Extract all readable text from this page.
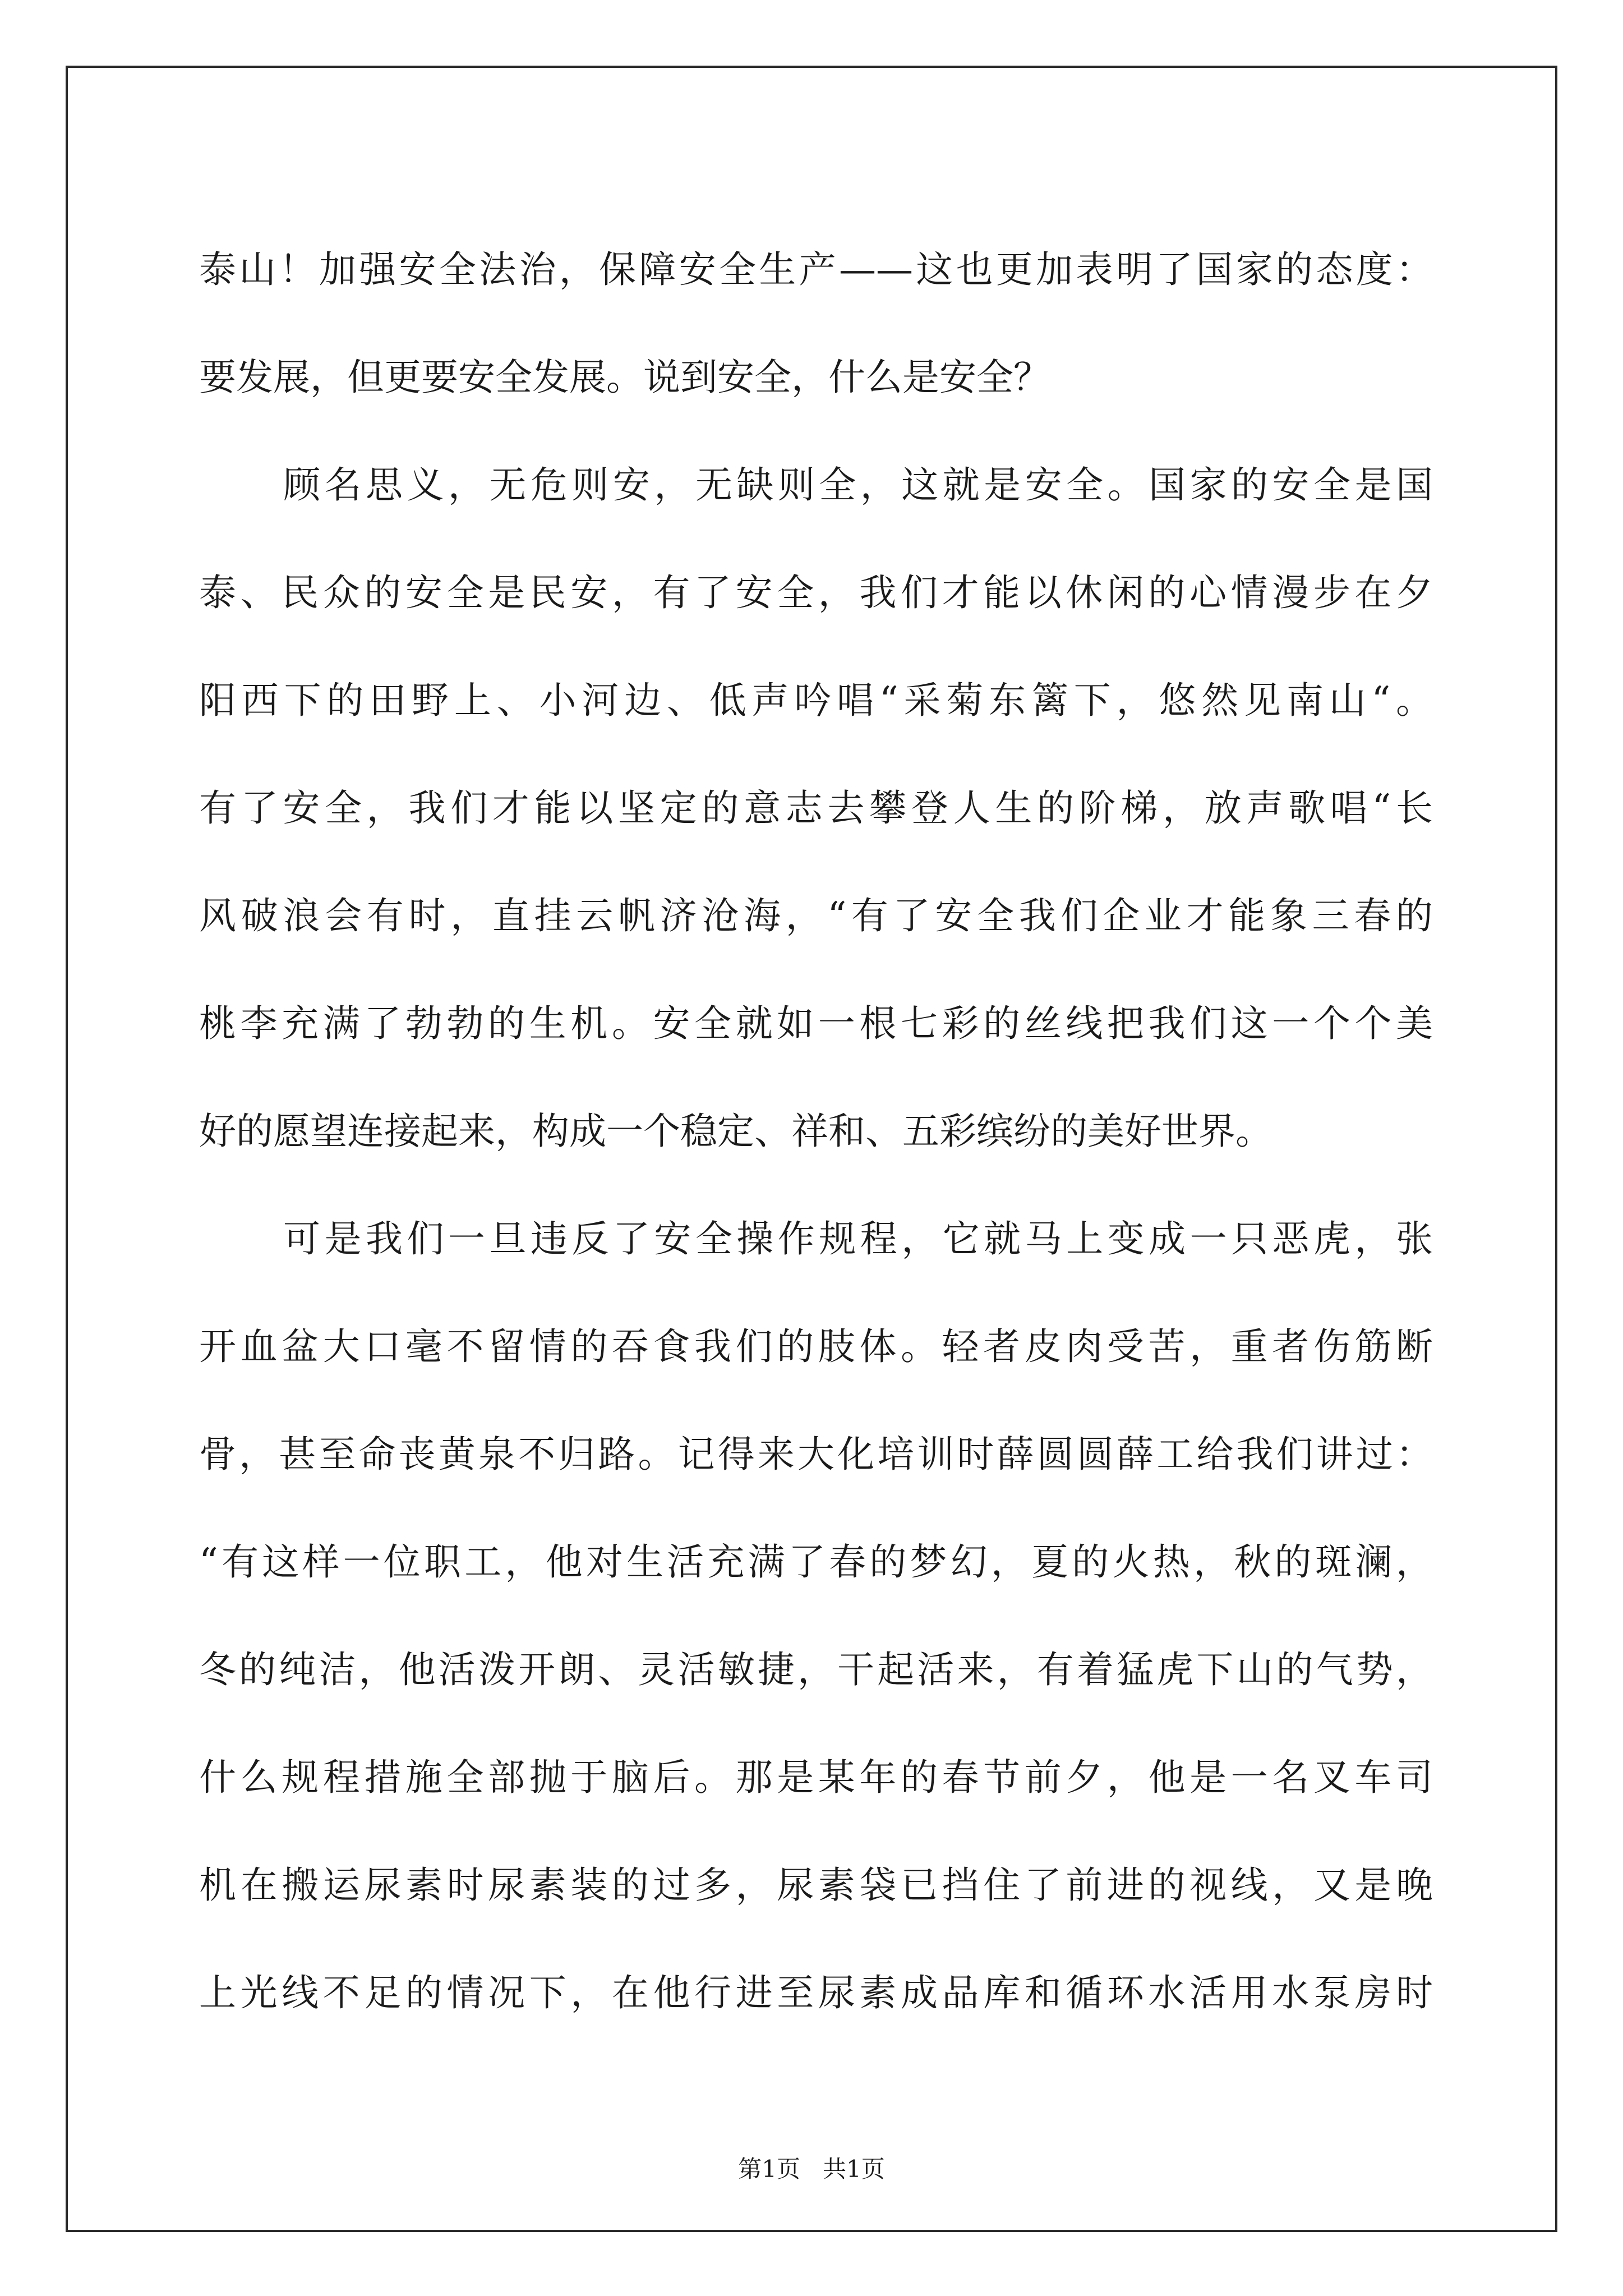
泰山！加强安全法治，保障安全生产——这也更加表明了国家的态度：
要发展，但更要安全发展。说到安全，什么是安全？
顾名思义，无危则安，无缺则全，这就是安全。国家的安全是国
泰、民众的安全是民安，有了安全，我们才能以休闲的心情漫步在夕
阳西下的田野上、小河边、低声吟唱“采菊东篱下，悠然见南山“。
有了安全，我们才能以坚定的意志去攀登人生的阶梯，放声歌唱“长
风破浪会有时，直挂云帆济沧海，“有了安全我们企业才能象三春的
桃李充满了勃勃的生机。安全就如一根七彩的丝线把我们这一个个美
好的愿望连接起来，构成一个稳定、祥和、五彩缤纷的美好世界。
可是我们一旦违反了安全操作规程，它就马上变成一只恶虎，张
开血盆大口毫不留情的吞食我们的肢体。轻者皮肉受苦，重者伤筋断
骨，甚至命丧黄泉不归路。记得来大化培训时薛圆圆薛工给我们讲过：
“有这样一位职工，他对生活充满了春的梦幻，夏的火热，秋的斑澜，
冬的纯洁，他活泼开朗、灵活敏捷，干起活来，有着猛虎下山的气势，
什么规程措施全部抛于脑后。那是某年的春节前夕，他是一名叉车司
机在搬运尿素时尿素装的过多，尿素袋已挡住了前进的视线，又是晚
上光线不足的情况下，在他行进至尿素成品库和循环水活用水泵房时
第1页 共1页
